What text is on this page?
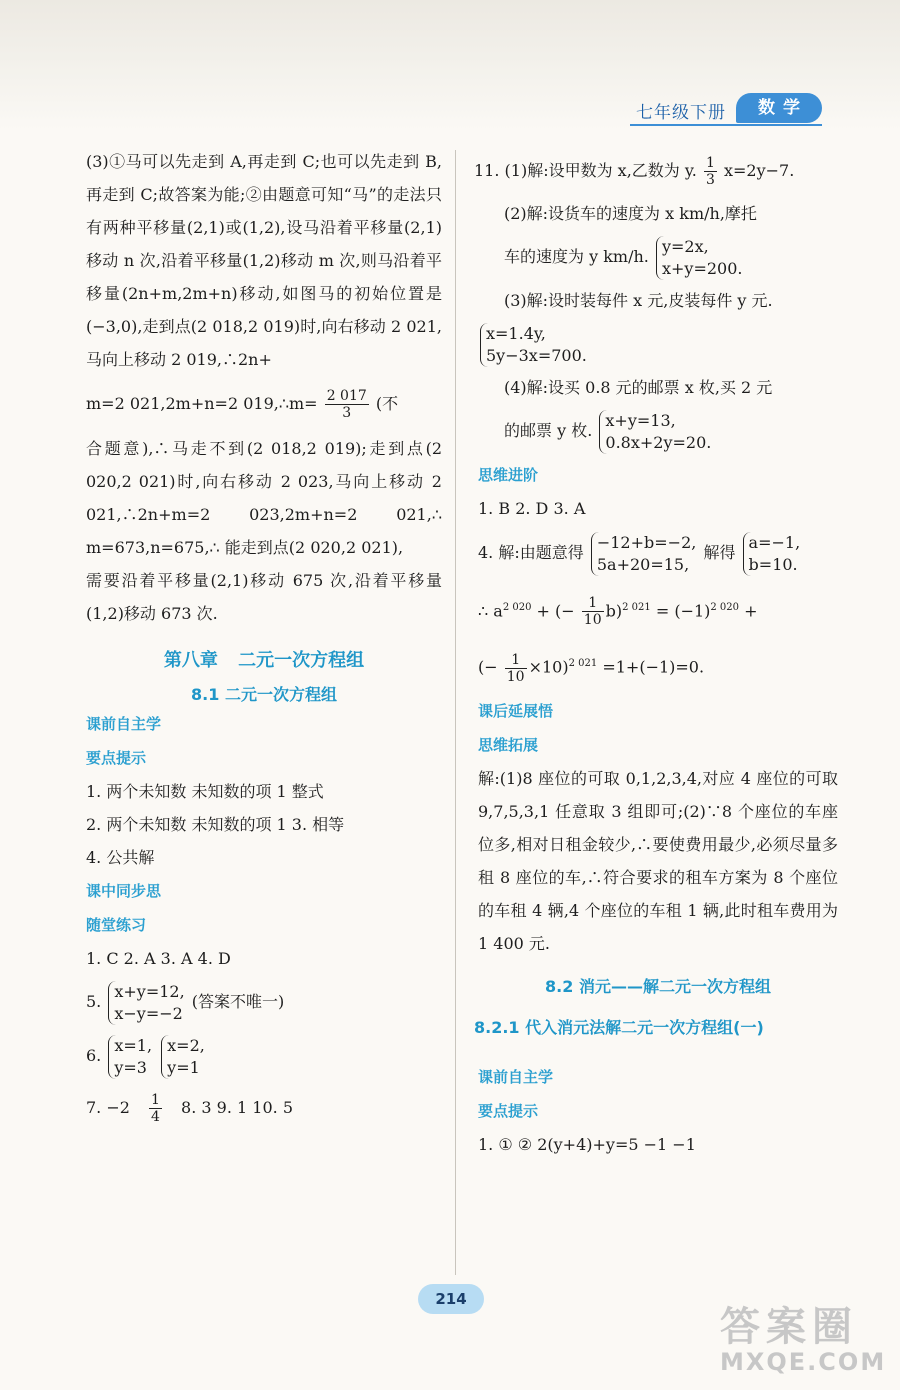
七年级下册	数学

(3)①马可以先走到 A,再走到 C;也可以先走到 B,再走到 C;故答案为能;②由题意可知“马”的走法只有两种平移量(2,1)或(1,2),设马沿着平移量(2,1)移动 n 次,沿着平移量(1,2)移动 m 次,则马沿着平移量(2n+m,2m+n)移动,如图马的初始位置是(−3,0),走到点(2 018,2 019)时,向右移动 2 021,马向上移动 2 019,∴2n+

m=2 021,2m+n=2 019,∴m= $\frac{2 017}{3}$ (不

合题意),∴马走不到(2 018,2 019);走到点(2 020,2 021)时,向右移动 2 023,马向上移动 2 021,∴2n+m=2 023,2m+n=2 021,∴ m=673,n=675,∴ 能走到点(2 020,2 021),

需要沿着平移量(2,1)移动 675 次,沿着平移量(1,2)移动 673 次.

第八章 二元一次方程组
8.1 二元一次方程组
课前自主学
要点提示
1. 两个未知数 未知数的项 1 整式
2. 两个未知数 未知数的项 1 3. 相等
4. 公共解
课中同步思
随堂练习
1. C 2. A 3. A 4. D
5.
x+y=12,
x−y=−2
(答案不唯一)
6.
x=1,
y=3

x=2,
y=1
7. $-2 \frac{1}{4} 8$. 3 9. 1 10. 5
11. (1)解:设甲数为 x,乙数为 y. $\frac{1}{3} x=2y-7$.
(2)解:设货车的速度为 x km/h,摩托
车的速度为 y km/h.
y=2x,
x+y=200.
(3)解:设时装每件 x 元,皮装每件 y 元.
x=1.4y,
5y−3x=700.
(4)解:设买 0.8 元的邮票 x 枚,买 2 元
的邮票 y 枚.
x+y=13,
0.8x+2y=20.
思维进阶
1. B 2. D 3. A
4. 解:由题意得
−12+b=−2,
5a+20=15,
解得
a=−1,
b=10.
∴ $a^{2 020}$ + (− $\frac{1}{10} b)^{2 021} = (-1)^{2 020}$ +
(− $\frac{1}{10} \times 10)^{2 021} =1+(-1)=0$.
课后延展悟
思维拓展

解:(1)8 座位的可取 0,1,2,3,4,对应 4 座位的可取 9,7,5,3,1 任意取 3 组即可;(2)∵8 个座位的车座位多,相对日租金较少,∴要使费用最少,必须尽量多租 8 座位的车,∴符合要求的租车方案为 8 个座位的车租 4 辆,4 个座位的车租 1 辆,此时租车费用为 1 400 元.

8.2 消元——解二元一次方程组
8.2.1 代入消元法解二元一次方程组(一)
课前自主学
要点提示
1. ① ② 2(y+4)+y=5 −1 −1
214
答案圈
MXQE.COM
